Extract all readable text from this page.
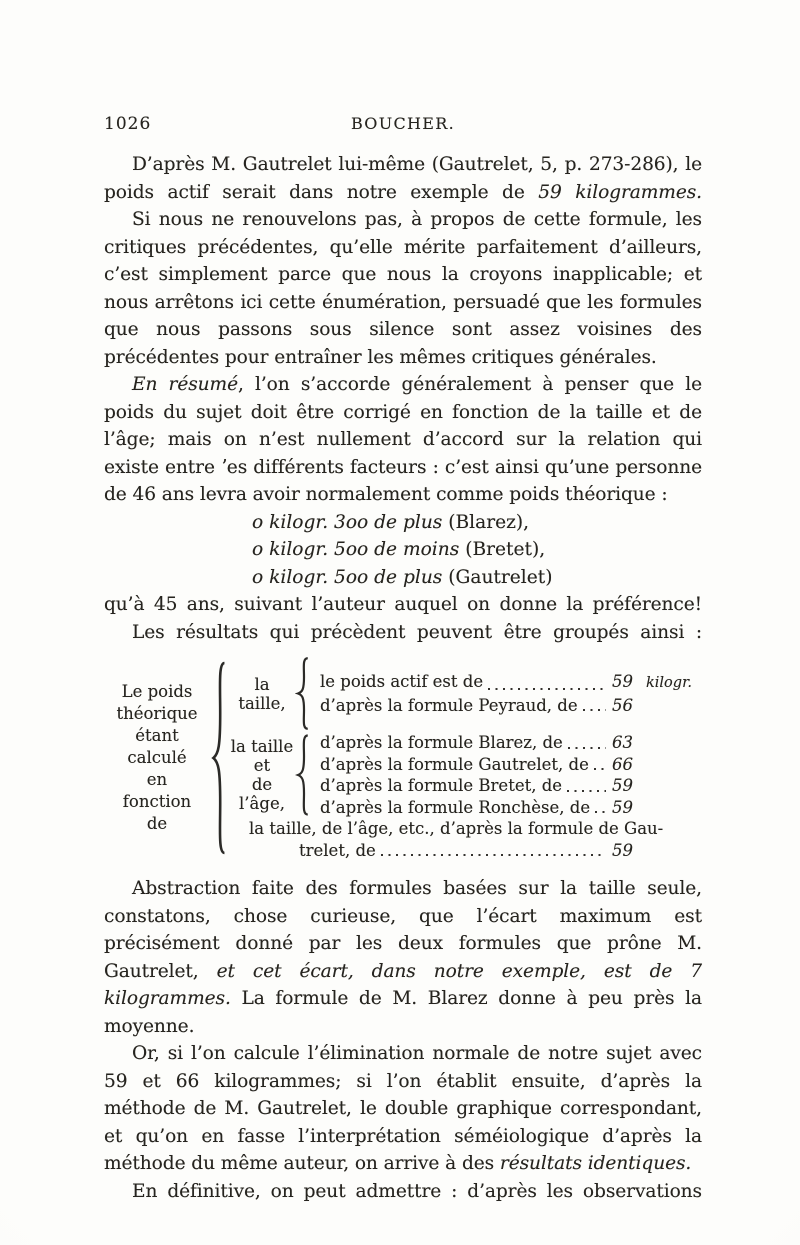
1026	BOUCHER.

D’après M. Gautrelet lui-même (Gautrelet, 5, p. 273-286), le poids actif serait dans notre exemple de 59 kilogrammes.

Si nous ne renouvelons pas, à propos de cette formule, les critiques précédentes, qu’elle mérite parfaitement d’ailleurs, c’est simplement parce que nous la croyons inapplicable; et nous arrêtons ici cette énumération, persuadé que les formules que nous passons sous silence sont assez voisines des précédentes pour entraîner les mêmes critiques générales.

En résumé, l’on s’accorde généralement à penser que le poids du sujet doit être corrigé en fonction de la taille et de l’âge; mais on n’est nullement d’accord sur la relation qui existe entre ʼes différents facteurs : c’est ainsi qu’une personne de 46 ans levra avoir normalement comme poids théorique :

o kilogr. 3oo de plus (Blarez),
o kilogr. 5oo de moins (Bretet),
o kilogr. 5oo de plus (Gautrelet)

qu’à 45 ans, suivant l’auteur auquel on donne la préférence!

Les résultats qui précèdent peuvent être groupés ainsi :

Le poids
théorique
étant
calculé
en
fonction
de
la taille,
le poids actif est de	59 kilogr.
d’après la formule Peyraud, de 56
la taille
et
de l’âge,
d’après la formule Blarez, de	63
d’après la formule Gautrelet, de 66
d’après la formule Bretet, de	59
d’après la formule Ronchèse, de 59
la taille, de l’âge, etc., d’après la formule de Gau-
trelet, de	59

Abstraction faite des formules basées sur la taille seule, constatons, chose curieuse, que l’écart maximum est précisément donné par les deux formules que prône M. Gautrelet, et cet écart, dans notre exemple, est de 7 kilogrammes. La formule de M. Blarez donne à peu près la moyenne.

Or, si l’on calcule l’élimination normale de notre sujet avec 59 et 66 kilogrammes; si l’on établit ensuite, d’après la méthode de M. Gautrelet, le double graphique correspondant, et qu’on en fasse l’interprétation séméiologique d’après la méthode du même auteur, on arrive à des résultats identiques.

En définitive, on peut admettre : d’après les observations
